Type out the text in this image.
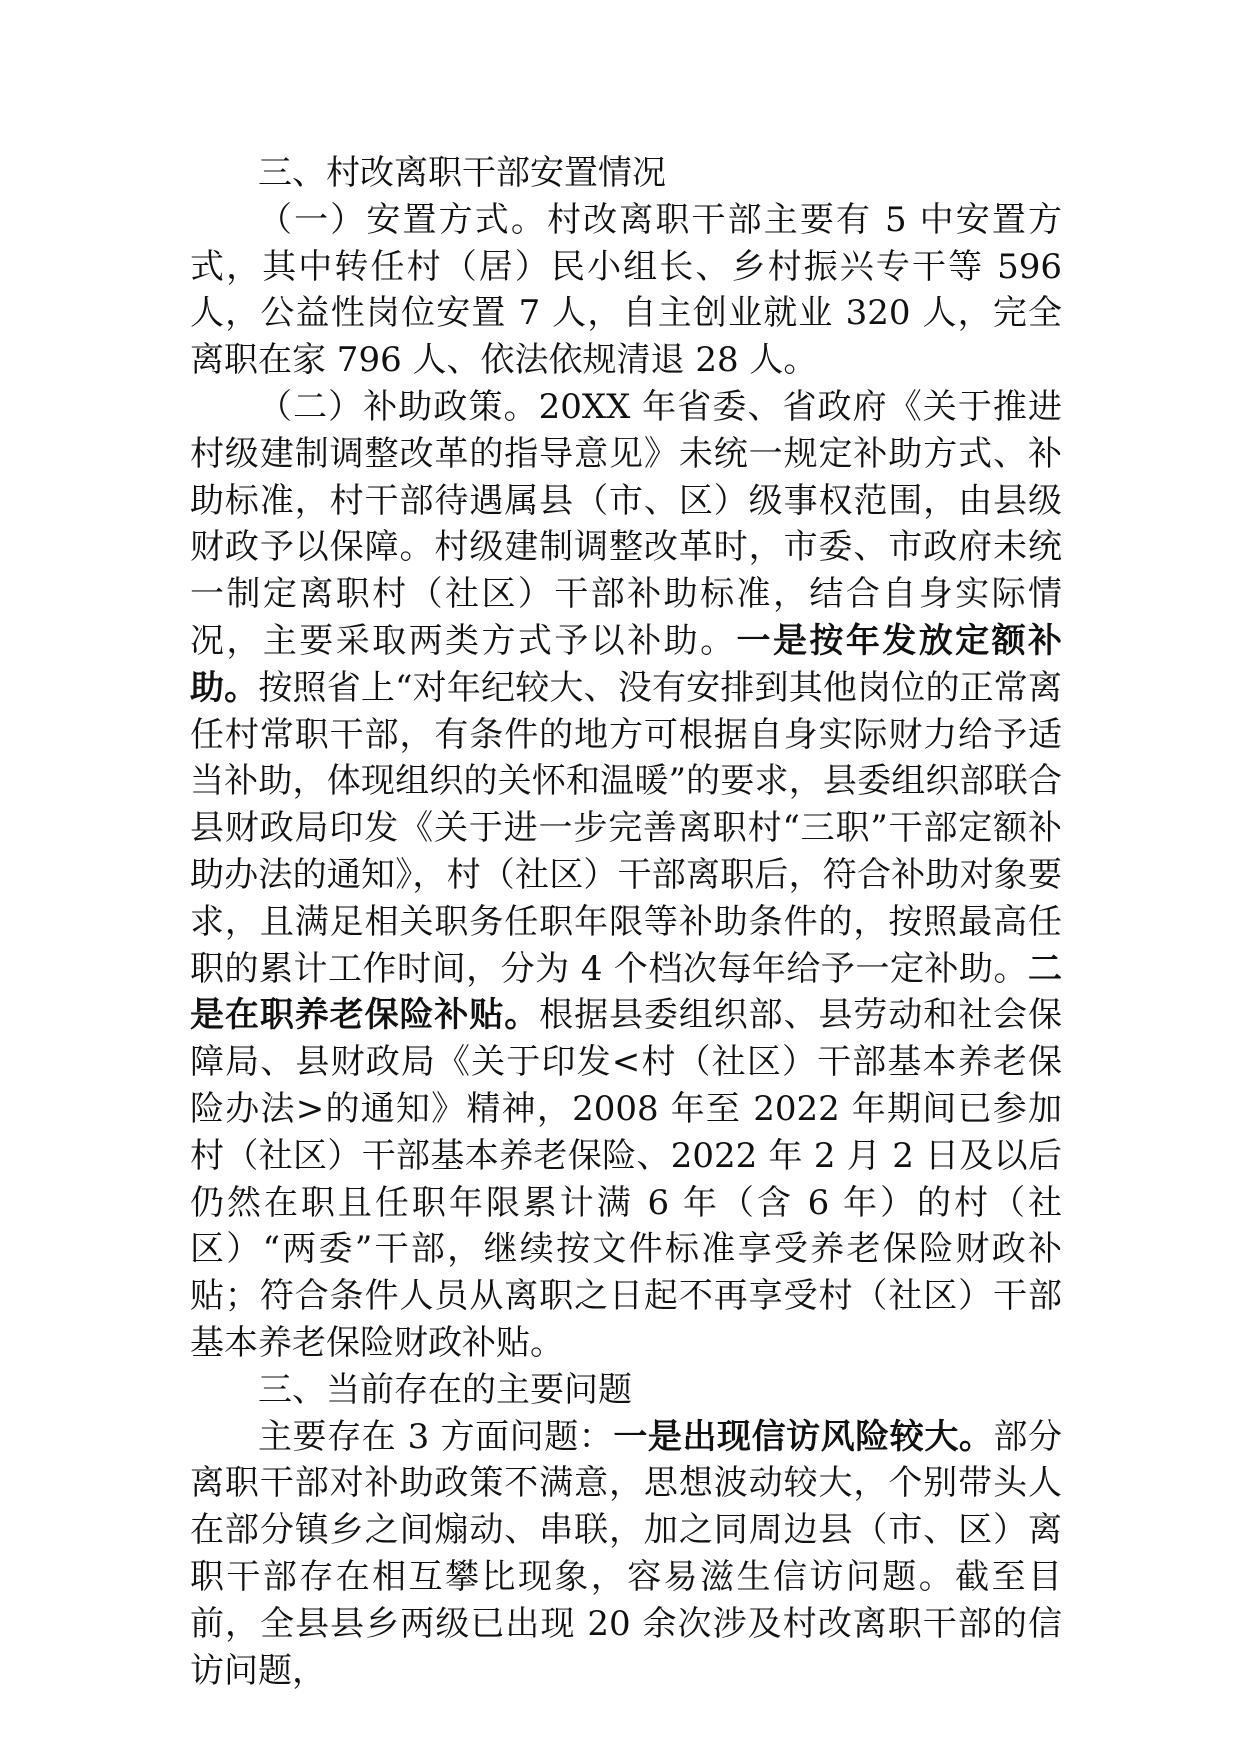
三、村改离职干部安置情况

（一）安置方式。村改离职干部主要有 5 中安置方式，其中转任村（居）民小组长、乡村振兴专干等 596 人，公益性岗位安置 7 人，自主创业就业 320 人，完全离职在家 796 人、依法依规清退 28 人。

（二）补助政策。20XX 年省委、省政府《关于推进村级建制调整改革的指导意见》未统一规定补助方式、补助标准，村干部待遇属县（市、区）级事权范围，由县级财政予以保障。村级建制调整改革时，市委、市政府未统一制定离职村（社区）干部补助标准，结合自身实际情况，主要采取两类方式予以补助。一是按年发放定额补助。按照省上“对年纪较大、没有安排到其他岗位的正常离任村常职干部，有条件的地方可根据自身实际财力给予适当补助，体现组织的关怀和温暖”的要求，县委组织部联合县财政局印发《关于进一步完善离职村“三职”干部定额补助办法的通知》，村（社区）干部离职后，符合补助对象要求，且满足相关职务任职年限等补助条件的，按照最高任职的累计工作时间，分为 4 个档次每年给予一定补助。二是在职养老保险补贴。根据县委组织部、县劳动和社会保障局、县财政局《关于印发<村（社区）干部基本养老保险办法>的通知》精神，2008 年至 2022 年期间已参加村（社区）干部基本养老保险、2022 年 2 月 2 日及以后仍然在职且任职年限累计满 6 年（含 6 年）的村（社区）“两委”干部，继续按文件标准享受养老保险财政补贴；符合条件人员从离职之日起不再享受村（社区）干部基本养老保险财政补贴。

三、当前存在的主要问题

主要存在 3 方面问题：一是出现信访风险较大。部分离职干部对补助政策不满意，思想波动较大，个别带头人在部分镇乡之间煽动、串联，加之同周边县（市、区）离职干部存在相互攀比现象，容易滋生信访问题。截至目前，全县县乡两级已出现 20 余次涉及村改离职干部的信访问题，
